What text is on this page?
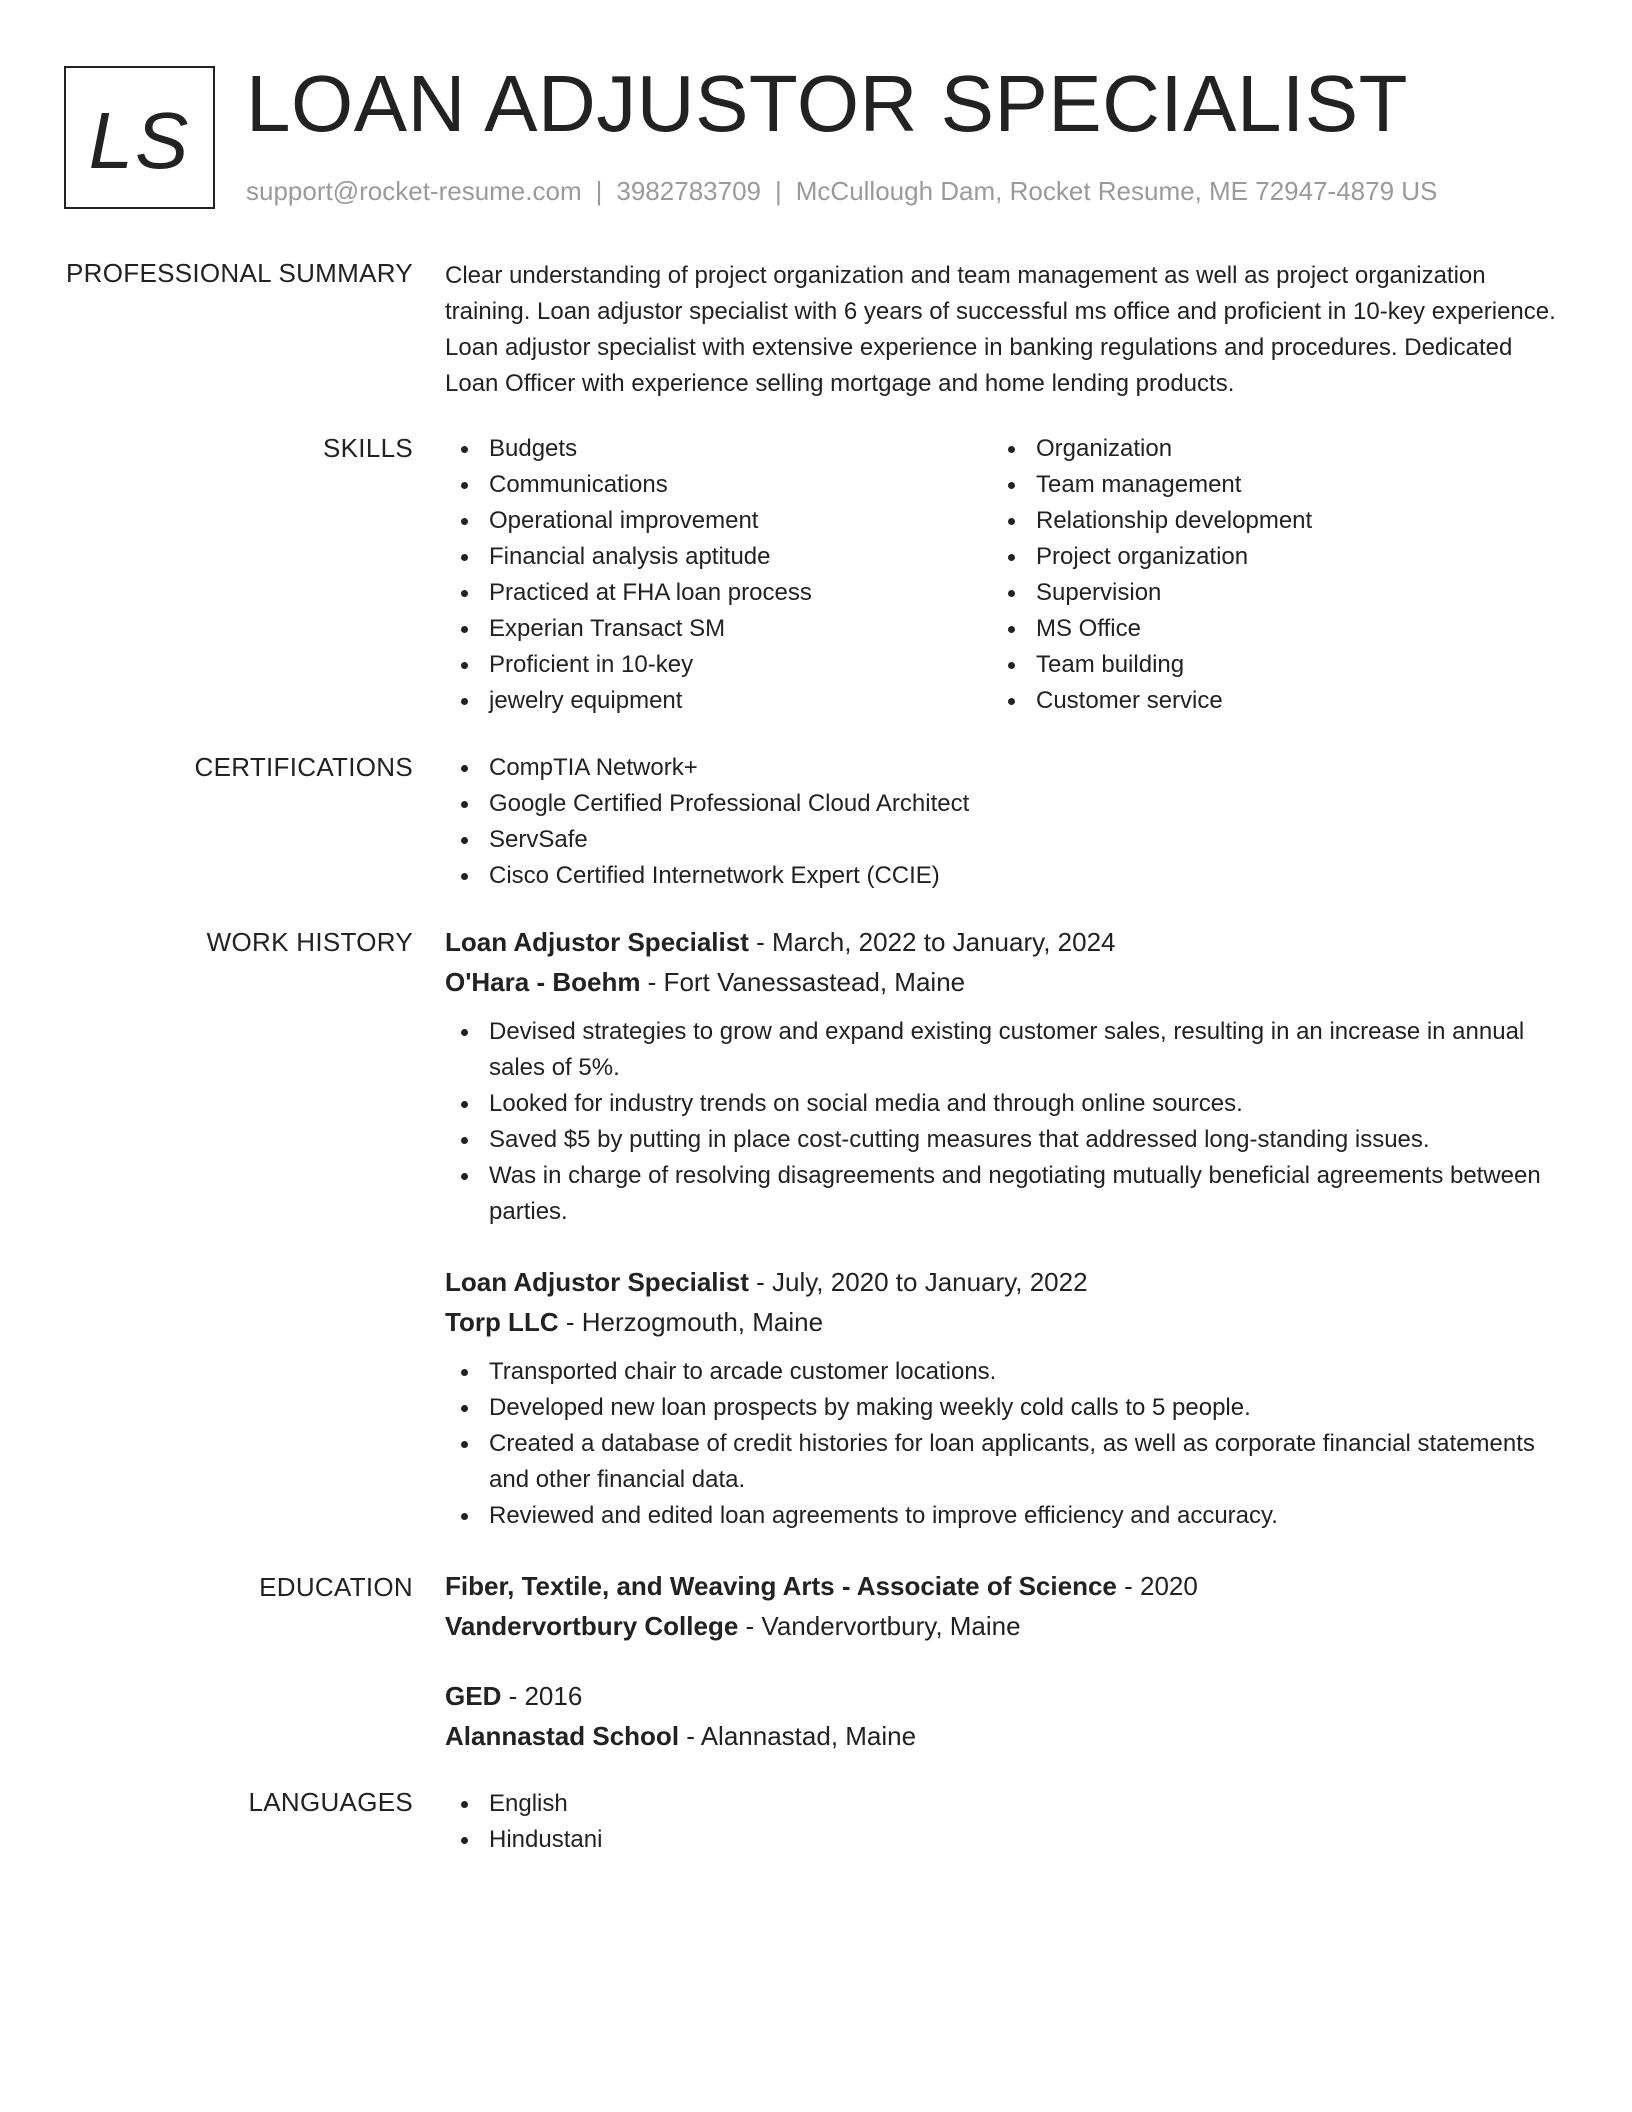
LS LOAN ADJUSTOR SPECIALIST
support@rocket-resume.com | 3982783709 | McCullough Dam, Rocket Resume, ME 72947-4879 US
PROFESSIONAL SUMMARY Clear understanding of project organization and team management as well as project organization training. Loan adjustor specialist with 6 years of successful ms office and proficient in 10-key experience. Loan adjustor specialist with extensive experience in banking regulations and procedures. Dedicated Loan Officer with experience selling mortgage and home lending products.
SKILLS	Budgets
Communications
Operational improvement
Financial analysis aptitude
Practiced at FHA loan process
Experian Transact SM
Proficient in 10-key
jewelry equipment
Organization
Team management
Relationship development
Project organization
Supervision
MS Office
Team building
Customer service
CERTIFICATIONS	CompTIA Network+
Google Certified Professional Cloud Architect
ServSafe
Cisco Certified Internetwork Expert (CCIE)
WORK HISTORY Loan Adjustor Specialist - March, 2022 to January, 2024
O'Hara - Boehm - Fort Vanessastead, Maine
Devised strategies to grow and expand existing customer sales, resulting in an increase in annual sales of 5%.
Looked for industry trends on social media and through online sources.
Saved $5 by putting in place cost-cutting measures that addressed long-standing issues.
Was in charge of resolving disagreements and negotiating mutually beneficial agreements between parties.
Loan Adjustor Specialist - July, 2020 to January, 2022
Torp LLC - Herzogmouth, Maine
Transported chair to arcade customer locations.
Developed new loan prospects by making weekly cold calls to 5 people.
Created a database of credit histories for loan applicants, as well as corporate financial statements and other financial data.
Reviewed and edited loan agreements to improve efficiency and accuracy.
EDUCATION Fiber, Textile, and Weaving Arts - Associate of Science - 2020
Vandervortbury College - Vandervortbury, Maine
GED - 2016
Alannastad School - Alannastad, Maine
LANGUAGES	English
Hindustani
